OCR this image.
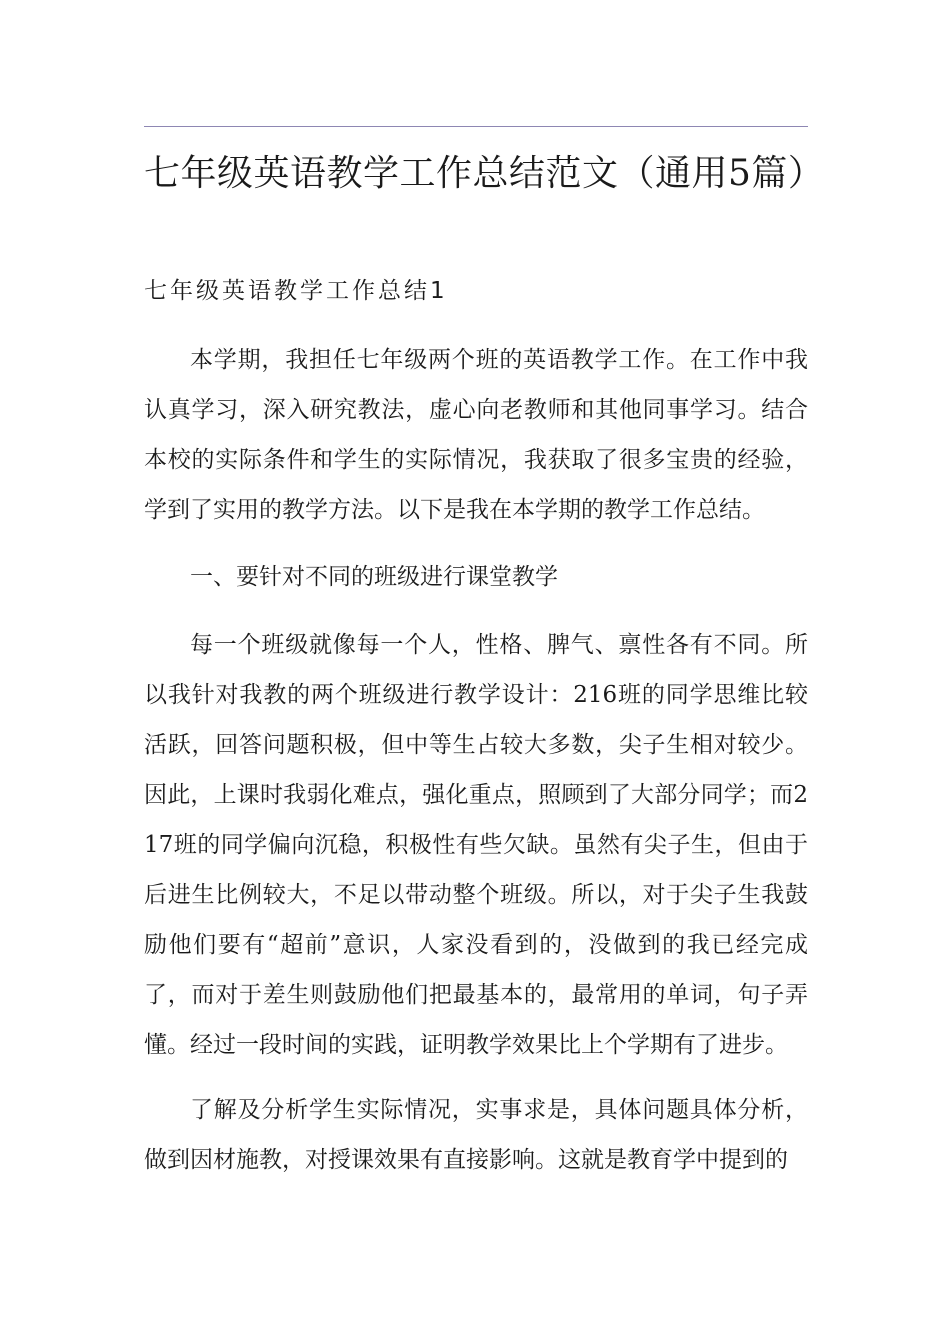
七年级英语教学工作总结范文（通用5篇）
七年级英语教学工作总结1

本学期，我担任七年级两个班的英语教学工作。在工作中我认真学习，深入研究教法，虚心向老教师和其他同事学习。结合本校的实际条件和学生的实际情况，我获取了很多宝贵的经验，学到了实用的教学方法。以下是我在本学期的教学工作总结。

一、要针对不同的班级进行课堂教学

每一个班级就像每一个人，性格、脾气、禀性各有不同。所以我针对我教的两个班级进行教学设计：216班的同学思维比较活跃，回答问题积极，但中等生占较大多数，尖子生相对较少。因此，上课时我弱化难点，强化重点，照顾到了大部分同学；而217班的同学偏向沉稳，积极性有些欠缺。虽然有尖子生，但由于后进生比例较大，不足以带动整个班级。所以，对于尖子生我鼓励他们要有“超前”意识，人家没看到的，没做到的我已经完成了，而对于差生则鼓励他们把最基本的，最常用的单词，句子弄懂。经过一段时间的实践，证明教学效果比上个学期有了进步。

了解及分析学生实际情况，实事求是，具体问题具体分析，做到因材施教，对授课效果有直接影响。这就是教育学中提到的
